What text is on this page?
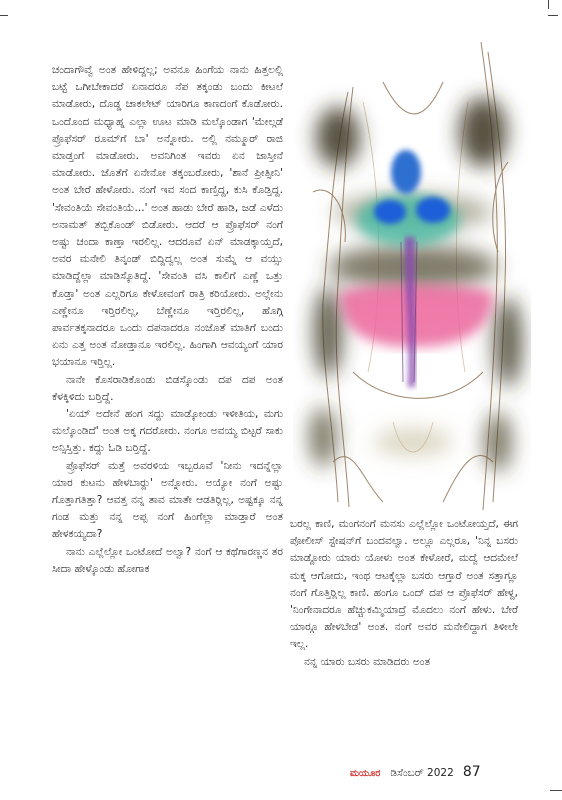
ಚಂದಾಗೌವ್ವೆ ಅಂತ ಹೇಳಿದ್ದಲ್ಲ; ಅವನೂ ಹಿಂಗೆಯ ನಾನು ಹಿತ್ತಲಲ್ಲಿ ಬಟ್ಟೆ ಒಗೀಬೇಕಾದರೆ ಏನಾದರೂ ನೆಪ ತಕ್ಕಂಡು ಬಂದು ಕೀಟಲೆ ಮಾಡೋರು, ದೊಡ್ಡ ಚಾಕಲೇಟ್ ಯಾರಿಗೂ ಕಾಣದಂಗೆ ಕೊಡೋರು. ಒಂದೊಂದ ಮಧ್ಯಾಹ್ನ ಎಲ್ಲಾ ಊಟ ಮಾಡಿ ಮಲ್ಕೊಂಡಾಗ 'ಮೇಲ್ಗಡೆ ಪ್ರೊಫೆಸರ್ ರೂಮ್‌ಗೆ ಬಾ' ಅನ್ನೋರು. ಅಲ್ಲಿ ನಮ್ಮೂರ್ ರಾಜಿ ಮಾಡ್ತಂಗೆ ಮಾಡೋರು. ಅವನಿಗಿಂತ ಇವರು ಏನ ಜಾಸ್ತೀನೆ ಮಾಡೋರು. ಜೊತೆಗೆ ಏನೇನೋ ತಕ್ಕಂಬರೋರು, 'ಶಾನೆ ಪ್ರೀತ್ಸೀನಿ' ಅಂತ ಬೇರೆ ಹೇಳೋರು. ನಂಗೆ ಇವ ಸಂದ ಕಾಣ್ತಿದ್ದ, ಕುಸಿ ಕೊಡ್ತಿದ್ದ. 'ಸೇವಂತಿಯೆ ಸೇವಂತಿಯೆ...' ಅಂತ ಹಾಡು ಬೇರೆ ಹಾಡಿ, ಜಡೆ ಎಳೆದು ಅನಾಮತ್ ತಬ್ಬಿಕೊಂಡ್ ಬಿಡೋರು. ಆದರೆ ಆ ಪ್ರೊಫೆಸರ್ ನಂಗೆ ಅಷ್ಟು ಚಂದಾ ಕಾಣ್ತಾ ಇರಲಿಲ್ಲ. ಆದರೂವೆ ಏನ್ ಮಾಡಕ್ಕಾಯ್ತದೆ, ಅವರ ಮನೇಲಿ ತಿನ್ಕಂಡ್ ಬಿದ್ದಿದ್ವಲ್ಲ ಅಂತ ಸುಮ್ನೆ ಆ ವಯ್ಸು ಮಾಡಿದ್ದೆಲ್ಲಾ ಮಾಡಿಸ್ಕೊತಿದ್ದೆ. 'ಸೇವಂತಿ ವಸಿ ಕಾಲಿಗೆ ಎಣ್ಣೆ ಒತ್ತು ಕೊಡ್ತಾ' ಅಂತ ಎಲ್ಲರಿಗೂ ಕೇಳೋವಂಗೆ ರಾತ್ರಿ ಕರಿಯೋರು. ಅಲ್ಲೇನು ಎಣ್ಣೇನೂ ಇರ್‍ತಿರಲಿಲ್ಲ, ಬೆಣ್ಣೇನೂ ಇರ್‍ತಿರಲಿಲ್ಲ, ಹೊಗ್ಗಿ ಪಾರ್ವತಕ್ಕನಾದರೂ ಒಂದು ದಪನಾದರೂ ನಂಜೊತೆ ಮಾತಿಗೆ ಬಂದು ಏನು ಎತ್ತ ಅಂತ ನೋಡ್ತಾನೂ ಇರಲಿಲ್ಲ. ಹಿಂಗಾಗಿ ಆವಯ್ಯಂಗೆ ಯಾರ ಭಯಾನೂ ಇರ್‍ತಿಲ್ಲ.

ನಾನೇ ಕೊಸರಾಡಿಕೊಂಡು ಬಿಡಸ್ಕೊಂಡು ದಪ ದಪ ಅಂತ ಕೆಳಕ್ಕಿಳಿದು ಬರ್‍ತಿದ್ದೆ.

'ಏಯ್ ಅದೇನೆ ಹಂಗ ಸದ್ದು ಮಾಡ್ಕೋಂಡು ಇಳೀತಿಯ, ಮಗು ಮಲ್ಕೊಂಡಿದೆ' ಅಂತ ಅಕ್ಕ ಗದರೋರು. ನಂಗೂ ಅವಯ್ಯ ಬಿಟ್ಟರೆ ಸಾಕು ಅನ್ಸಿಸ್ತಿತ್ತು. ಕದ್ದು ಓಡಿ ಬರ್‍ತಿದ್ದೆ.

ಪ್ರೊಫೆಸರ್ ಮತ್ತೆ ಅವರಳಿಯ ಇಬ್ಬರೂವೆ 'ನೀನು ಇದನ್ನೆಲ್ಲಾ ಯಾರ ಕುಟನು ಹೇಳಬಾರ್‍ದು' ಅನ್ನೋರು. ಅಯ್ಯೋ ನಂಗೆ ಅಷ್ಟು ಗೊತ್ತಾಗತಿತ್ತಾ? ಆವತ್ತ ನನ್ನ ತಾವ ಮಾತೇ ಆಡತಿರ್‍ಲಿಲ್ಲ, ಅಷ್ಟಕ್ಕೂ ನನ್ನ ಗಂಡ ಮತ್ತು ನನ್ನ ಅಪ್ಪ ನಂಗೆ ಹಿಂಗೆಲ್ಲಾ ಮಾಡ್ತಾರೆ ಅಂತ ಹೇಳಕಯ್ಯದಾ?

ನಾನು ಎಲ್ಲೆಲ್ಲೋ ಒಂಟೋದೆ ಅಲ್ವಾ? ನಂಗೆ ಆ ಕಥೆಗಾರಣ್ಣನ ತರ ಸೀದಾ ಹೇಳ್ಕೊಂಡು ಹೋಗಾಕ

ಬರಲ್ಲ ಕಾಣಿ, ಮಂಗನಂಗೆ ಮನಸು ಎಲ್ಲೆಲ್ಲೋ ಒಂಟೋಯ್ತದೆ, ಈಗ ಪೋಲೀಸ್ ಸ್ಟೇಷನ್‌ಗೆ ಬಂದವಲ್ವಾ. ಅಲ್ಲೂ ಎಲ್ಲರೂ, 'ನಿನ್ನ ಬಸರು ಮಾಡ್ದೋರು ಯಾರು ಯೋಳು ಅಂತ ಕೇಳೋರೆ, ಮದ್ವೆ ಆದಮೇಲೆ ಮಕ್ಕ ಆಗೋದು, ಇಂಥ ಆಟಕ್ಕೆಲ್ಲಾ ಬಸರು ಆಗ್ತಾರೆ ಅಂತ ಸತ್ತಾಗ್ಲೂ ನಂಗೆ ಗೊತ್ತಿರ್‍ಲಿಲ್ಲ ಕಾಣಿ. ಹಂಗೂ ಒಂದ್ ದಪ ಆ ಪ್ರೊಫೆಸರ್ ಹೇಳ್ದ, 'ನಿಂಗೇನಾದರೂ ಹೆಚ್ಚುಕಮ್ಮಿಯಾದ್ರೆ ಮೊದಲು ನಂಗೆ ಹೇಳು. ಬೇರೆ ಯಾರ್‍ಗೂ ಹೇಳಬೇಡ' ಅಂತ. ನಂಗೆ ಅವರ ಮನೇಲಿದ್ದಾಗ ತಿಳೀಲೇ ಇಲ್ಲ.

ನನ್ನ ಯಾರು ಬಸರು ಮಾಡಿದರು ಅಂತ

ಮಯೂರ ಡಿಸೆಂಬರ್ 2022 87
